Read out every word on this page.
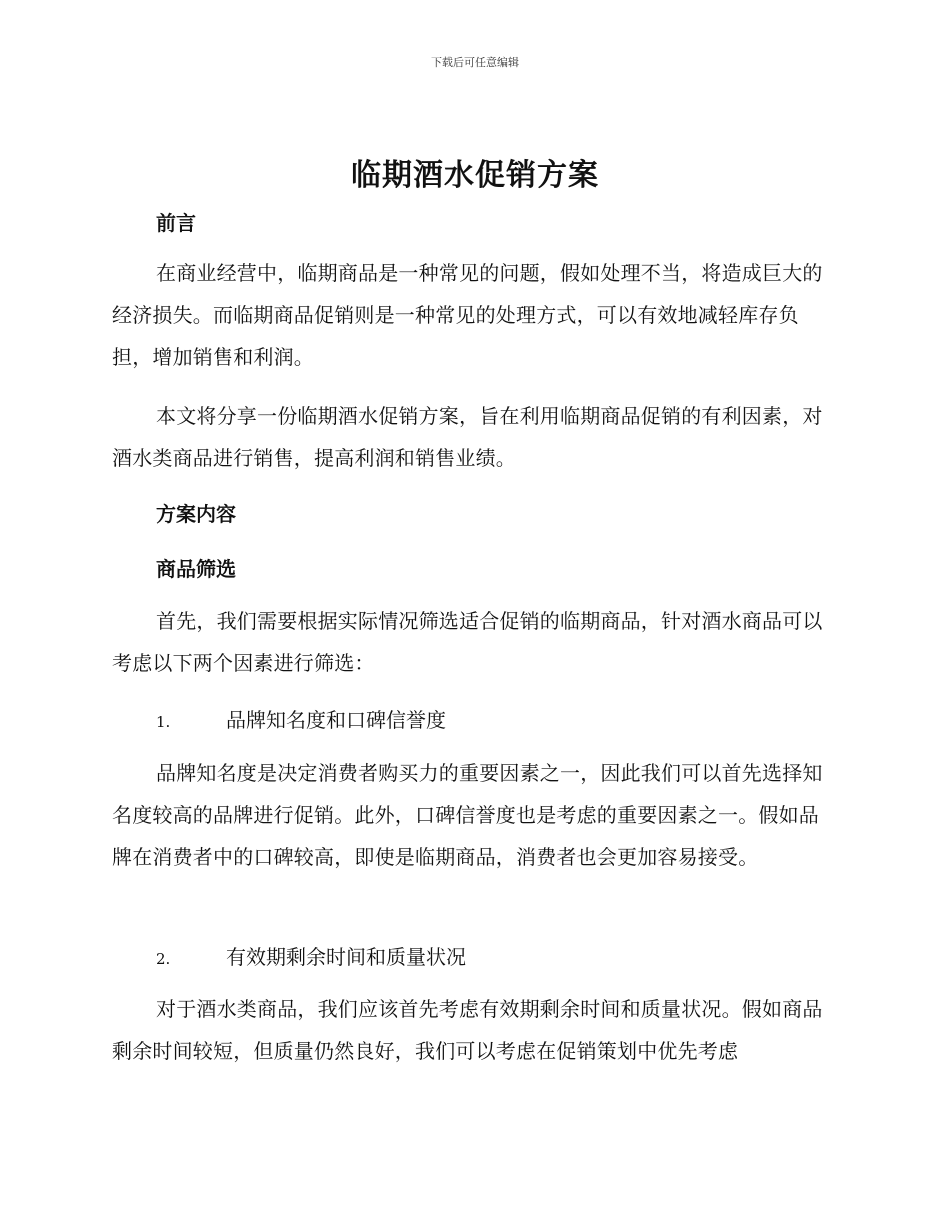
下载后可任意编辑
临期酒水促销方案
前言
在商业经营中，临期商品是一种常见的问题，假如处理不当，将造成巨大的经济损失。而临期商品促销则是一种常见的处理方式，可以有效地减轻库存负担，增加销售和利润。
本文将分享一份临期酒水促销方案，旨在利用临期商品促销的有利因素，对酒水类商品进行销售，提高利润和销售业绩。
方案内容
商品筛选
首先，我们需要根据实际情况筛选适合促销的临期商品，针对酒水商品可以考虑以下两个因素进行筛选：
1.	品牌知名度和口碑信誉度
品牌知名度是决定消费者购买力的重要因素之一，因此我们可以首先选择知名度较高的品牌进行促销。此外，口碑信誉度也是考虑的重要因素之一。假如品牌在消费者中的口碑较高，即使是临期商品，消费者也会更加容易接受。
2.	有效期剩余时间和质量状况
对于酒水类商品，我们应该首先考虑有效期剩余时间和质量状况。假如商品剩余时间较短，但质量仍然良好，我们可以考虑在促销策划中优先考虑
